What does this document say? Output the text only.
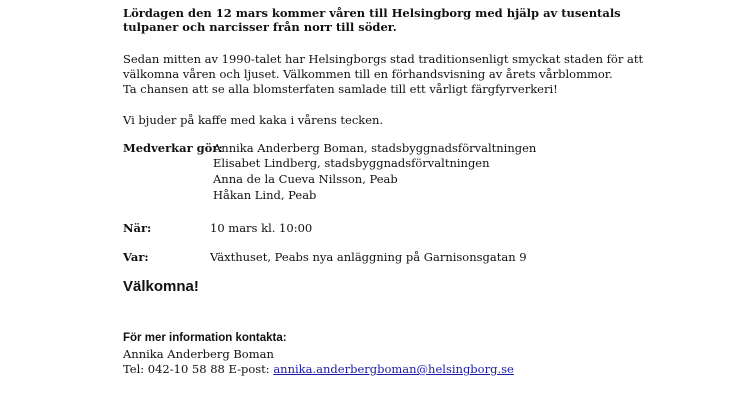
Lördagen den 12 mars kommer våren till Helsingborg med hjälp av tusentals
tulpaner och narcisser från norr till söder.
Sedan mitten av 1990-talet har Helsingborgs stad traditionsenligt smyckat staden för att
välkomna våren och ljuset. Välkommen till en förhandsvisning av årets vårblommor.
Ta chansen att se alla blomsterfaten samlade till ett vårligt färgfyrverkeri!
Vi bjuder på kaffe med kaka i vårens tecken.
Medverkar gör:
Annika Anderberg Boman, stadsbyggnadsförvaltningen
Elisabet Lindberg, stadsbyggnadsförvaltningen
Anna de la Cueva Nilsson, Peab
Håkan Lind, Peab
När:	10 mars kl. 10:00
Var:	Växthuset, Peabs nya anläggning på Garnisonsgatan 9
Välkomna!
För mer information kontakta:
Annika Anderberg Boman
Tel: 042-10 58 88 E-post: annika.anderbergboman@helsingborg.se
